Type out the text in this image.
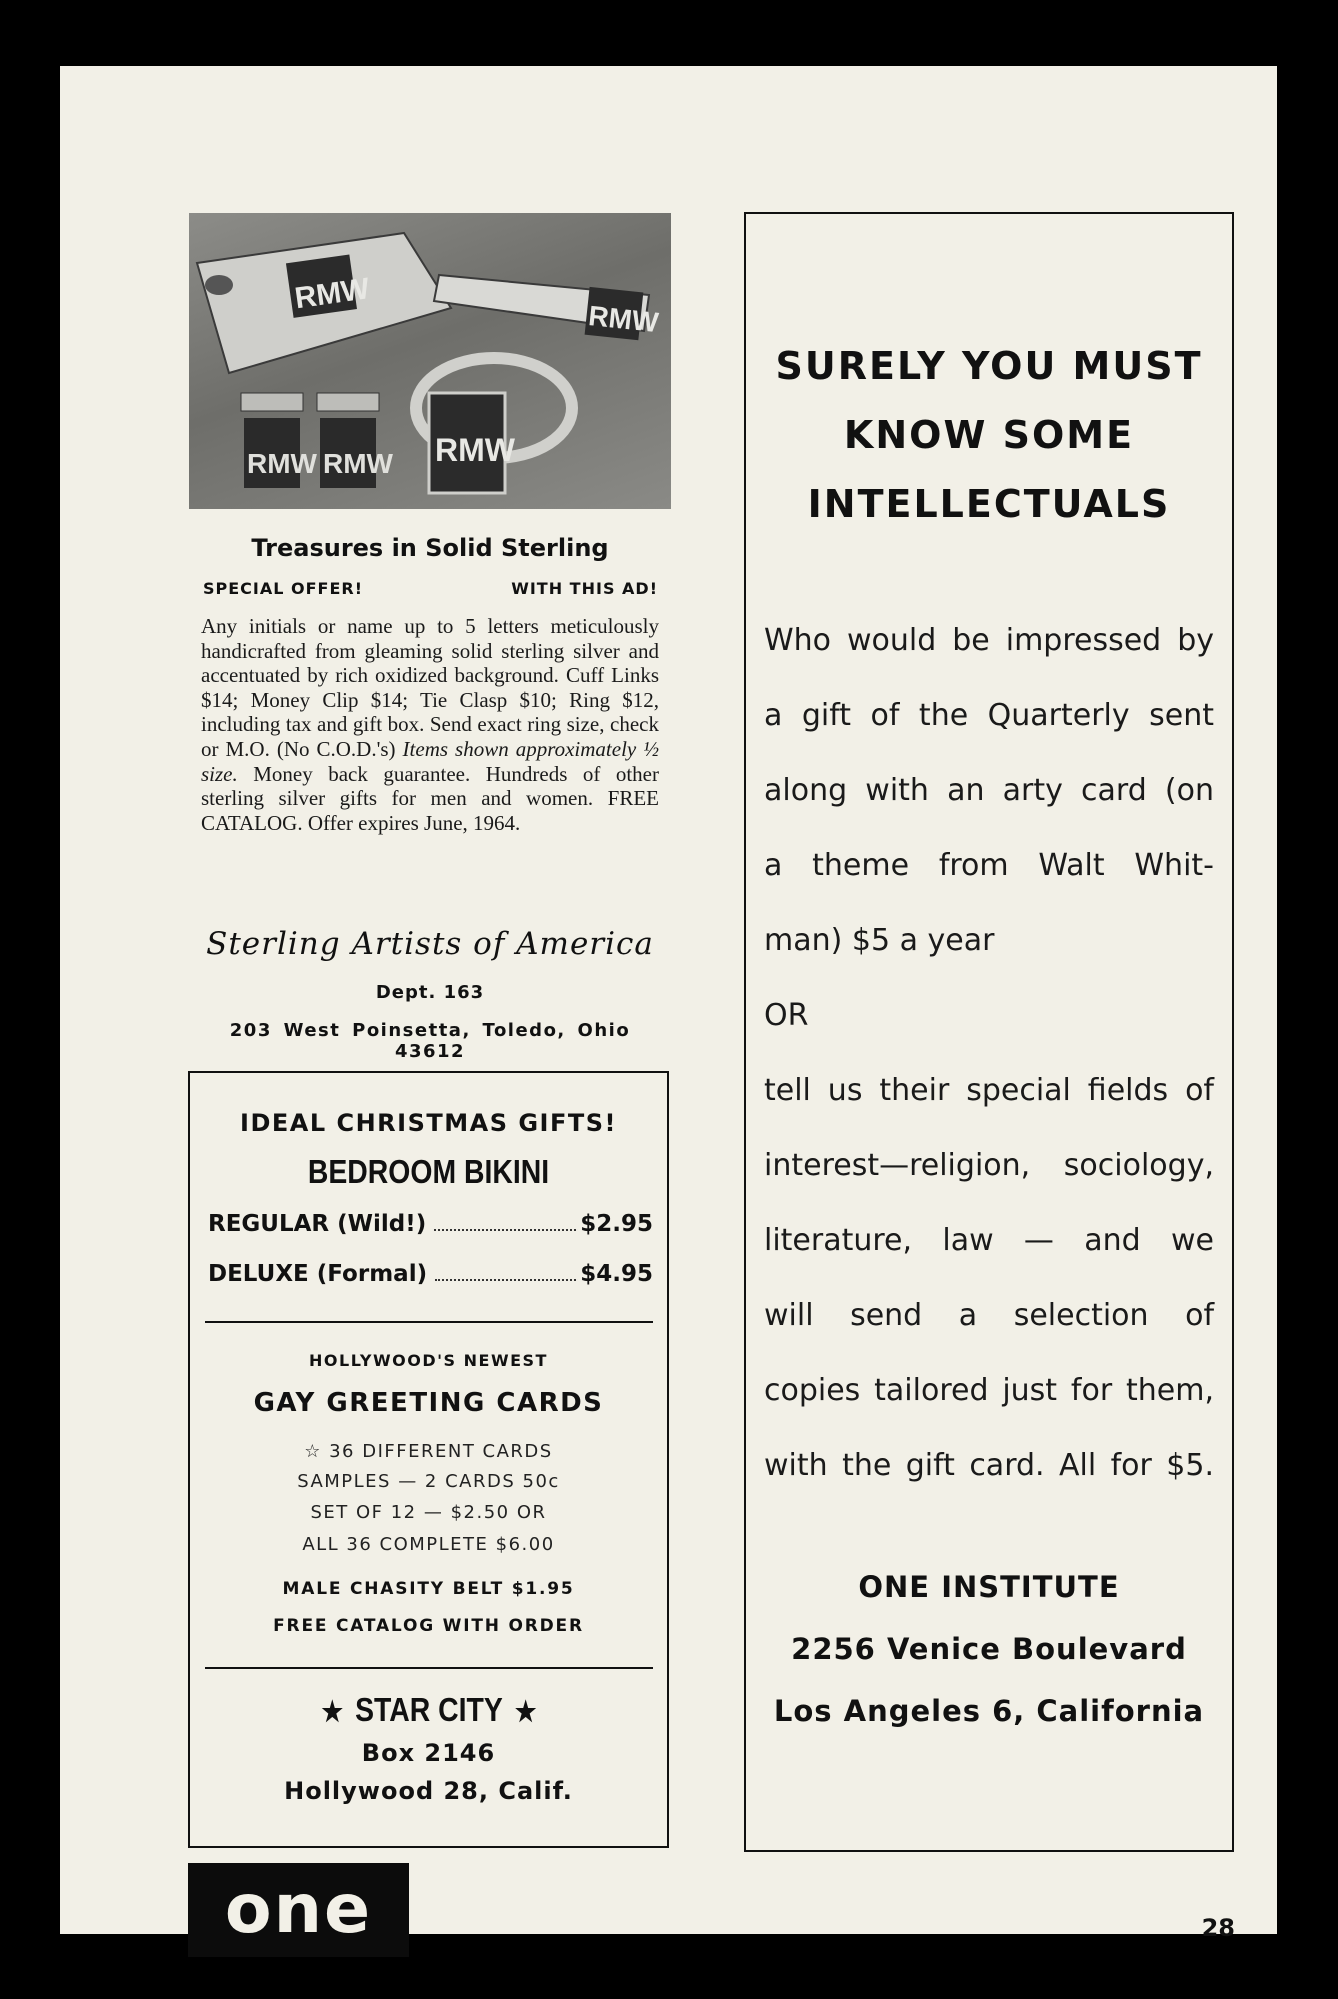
RMW
RMW
RMW RMW RMW
Treasures in Solid Sterling
SPECIAL OFFER!	WITH THIS AD!
Any initials or name up to 5 letters meticulously handicrafted from gleaming solid sterling silver and accentuated by rich oxidized background. Cuff Links $14; Money Clip $14; Tie Clasp $10; Ring $12, including tax and gift box. Send exact ring size, check or M.O. (No C.O.D.'s) Items shown approximately ½ size. Money back guarantee. Hundreds of other sterling silver gifts for men and women. FREE CATALOG. Offer expires June, 1964.
Sterling Artists of America
Dept. 163
203 West Poinsetta, Toledo, Ohio 43612
IDEAL CHRISTMAS GIFTS!
BEDROOM BIKINI
REGULAR (Wild!)	$2.95
DELUXE (Formal)	$4.95
HOLLYWOOD'S NEWEST
GAY GREETING CARDS
☆ 36 DIFFERENT CARDS
SAMPLES — 2 CARDS 50c
SET OF 12 — $2.50 OR
ALL 36 COMPLETE $6.00
MALE CHASITY BELT $1.95
FREE CATALOG WITH ORDER
★ STAR CITY ★
Box 2146
Hollywood 28, Calif.
SURELY YOU MUST
KNOW SOME
INTELLECTUALS
Who would be impressed by
a gift of the Quarterly sent
along with an arty card (on
a theme from Walt Whit-
man) $5 a year
OR
tell us their special fields of
interest—religion, sociology,
literature, law — and we
will send a selection of
copies tailored just for them,
with the gift card. All for $5.
ONE INSTITUTE
2256 Venice Boulevard
Los Angeles 6, California
one	28
